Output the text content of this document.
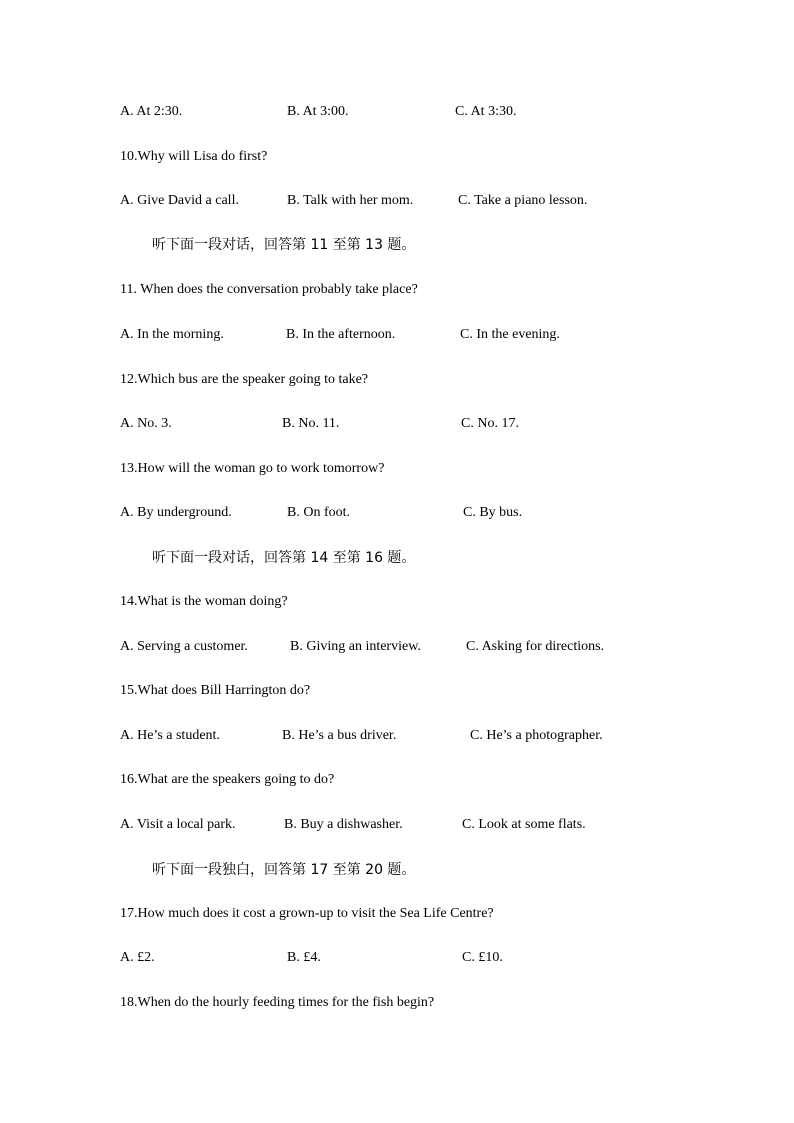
A. At 2:30.	B. At 3:00.	C. At 3:30.
10.Why will Lisa do first?
A. Give David a call.	B. Talk with her mom.	C. Take a piano lesson.
听下面一段对话，回答第 11 至第 13 题。
11. When does the conversation probably take place?
A. In the morning.	B. In the afternoon.	C. In the evening.
12.Which bus are the speaker going to take?
A. No. 3.	B. No. 11.	C. No. 17.
13.How will the woman go to work tomorrow?
A. By underground.	B. On foot.	C. By bus.
听下面一段对话，回答第 14 至第 16 题。
14.What is the woman doing?
A. Serving a customer.	B. Giving an interview.	C. Asking for directions.
15.What does Bill Harrington do?
A. He’s a student.	B. He’s a bus driver.	C. He’s a photographer.
16.What are the speakers going to do?
A. Visit a local park.	B. Buy a dishwasher.	C. Look at some flats.
听下面一段独白，回答第 17 至第 20 题。
17.How much does it cost a grown-up to visit the Sea Life Centre?
A. £2.	B. £4.	C. £10.
18.When do the hourly feeding times for the fish begin?
